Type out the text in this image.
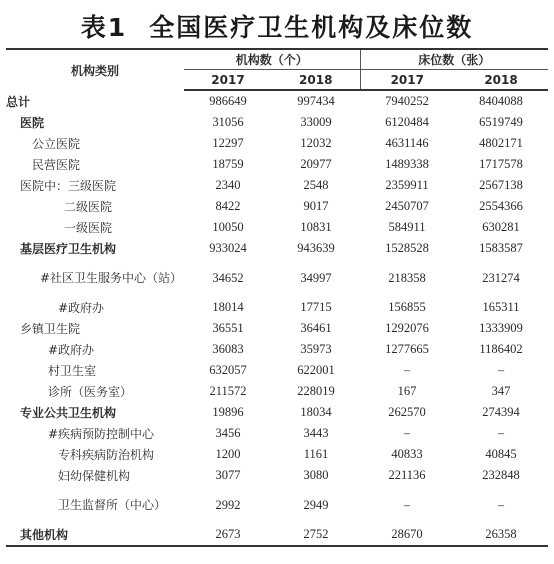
表1 全国医疗卫生机构及床位数
机构类别	机构数（个）		床位数（张）	
	2017	2018	2017	2018
总计	986649	997434	7940252	8404088
医院	31056	33009	6120484	6519749
公立医院	12297	12032	4631146	4802171
民营医院	18759	20977	1489338	1717578
医院中：三级医院	2340	2548	2359911	2567138
二级医院	8422	9017	2450707	2554366
一级医院	10050	10831	584911	630281
基层医疗卫生机构	933024	943639	1528528	1583587

#社区卫生服务中心（站）	34652	34997	218358	231274
#政府办	18014	17715	156855	165311
乡镇卫生院	36551	36461	1292076	1333909
#政府办	36083	35973	1277665	1186402
村卫生室	632057	622001	–	–
诊所（医务室）	211572	228019	167	347
专业公共卫生机构	19896	18034	262570	274394
#疾病预防控制中心	3456	3443	–	–
专科疾病防治机构	1200	1161	40833	40845
妇幼保健机构	3077	3080	221136	232848

卫生监督所（中心）	2992	2949	–	–
其他机构	2673	2752	28670	26358
